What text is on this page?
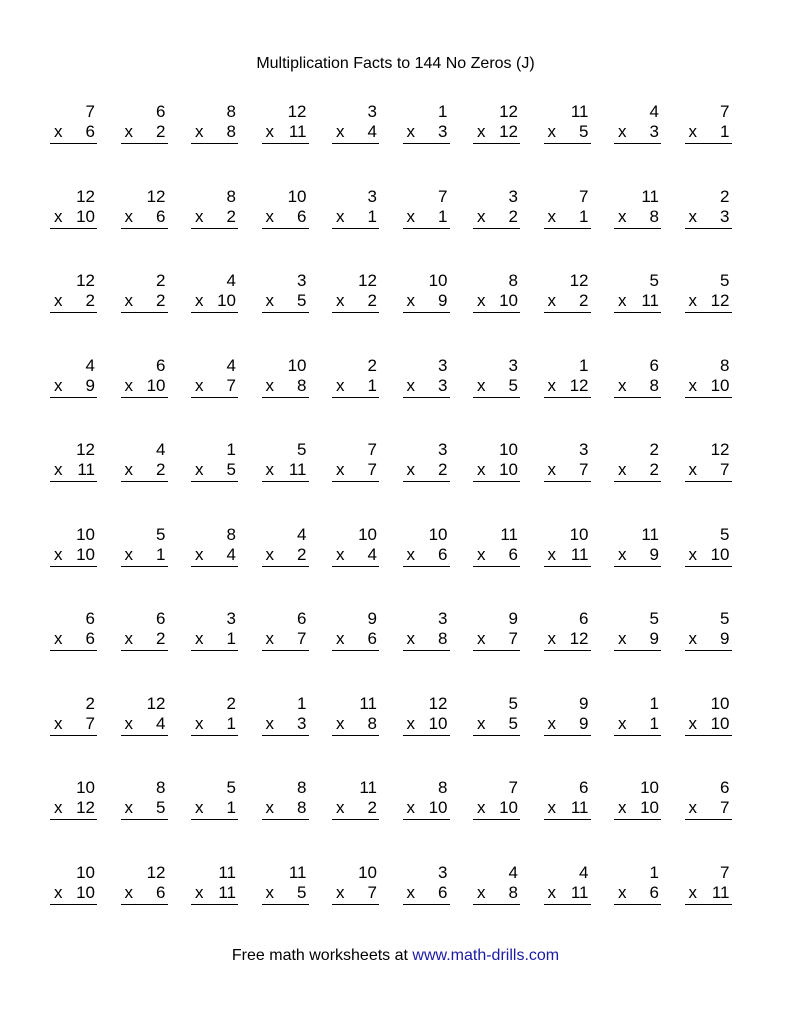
Multiplication Facts to 144 No Zeros (J)
7
x 6
6
x 2
8
x 8
12
x 11
3
x 4
1
x 3
12
x 12
11
x 5
4
x 3
7
x 1
12
x 10
12
x 6
8
x 2
10
x 6
3
x 1
7
x 1
3
x 2
7
x 1
11
x 8
2
x 3
12
x 2
2
x 2
4
x 10
3
x 5
12
x 2
10
x 9
8
x 10
12
x 2
5
x 11
5
x 12
4
x 9
6
x 10
4
x 7
10
x 8
2
x 1
3
x 3
3
x 5
1
x 12
6
x 8
8
x 10
12
x 11
4
x 2
1
x 5
5
x 11
7
x 7
3
x 2
10
x 10
3
x 7
2
x 2
12
x 7
10
x 10
5
x 1
8
x 4
4
x 2
10
x 4
10
x 6
11
x 6
10
x 11
11
x 9
5
x 10
6
x 6
6
x 2
3
x 1
6
x 7
9
x 6
3
x 8
9
x 7
6
x 12
5
x 9
5
x 9
2
x 7
12
x 4
2
x 1
1
x 3
11
x 8
12
x 10
5
x 5
9
x 9
1
x 1
10
x 10
10
x 12
8
x 5
5
x 1
8
x 8
11
x 2
8
x 10
7
x 10
6
x 11
10
x 10
6
x 7
10
x 10
12
x 6
11
x 11
11
x 5
10
x 7
3
x 6
4
x 8
4
x 11
1
x 6
7
x 11
Free math worksheets at www.math-drills.com
